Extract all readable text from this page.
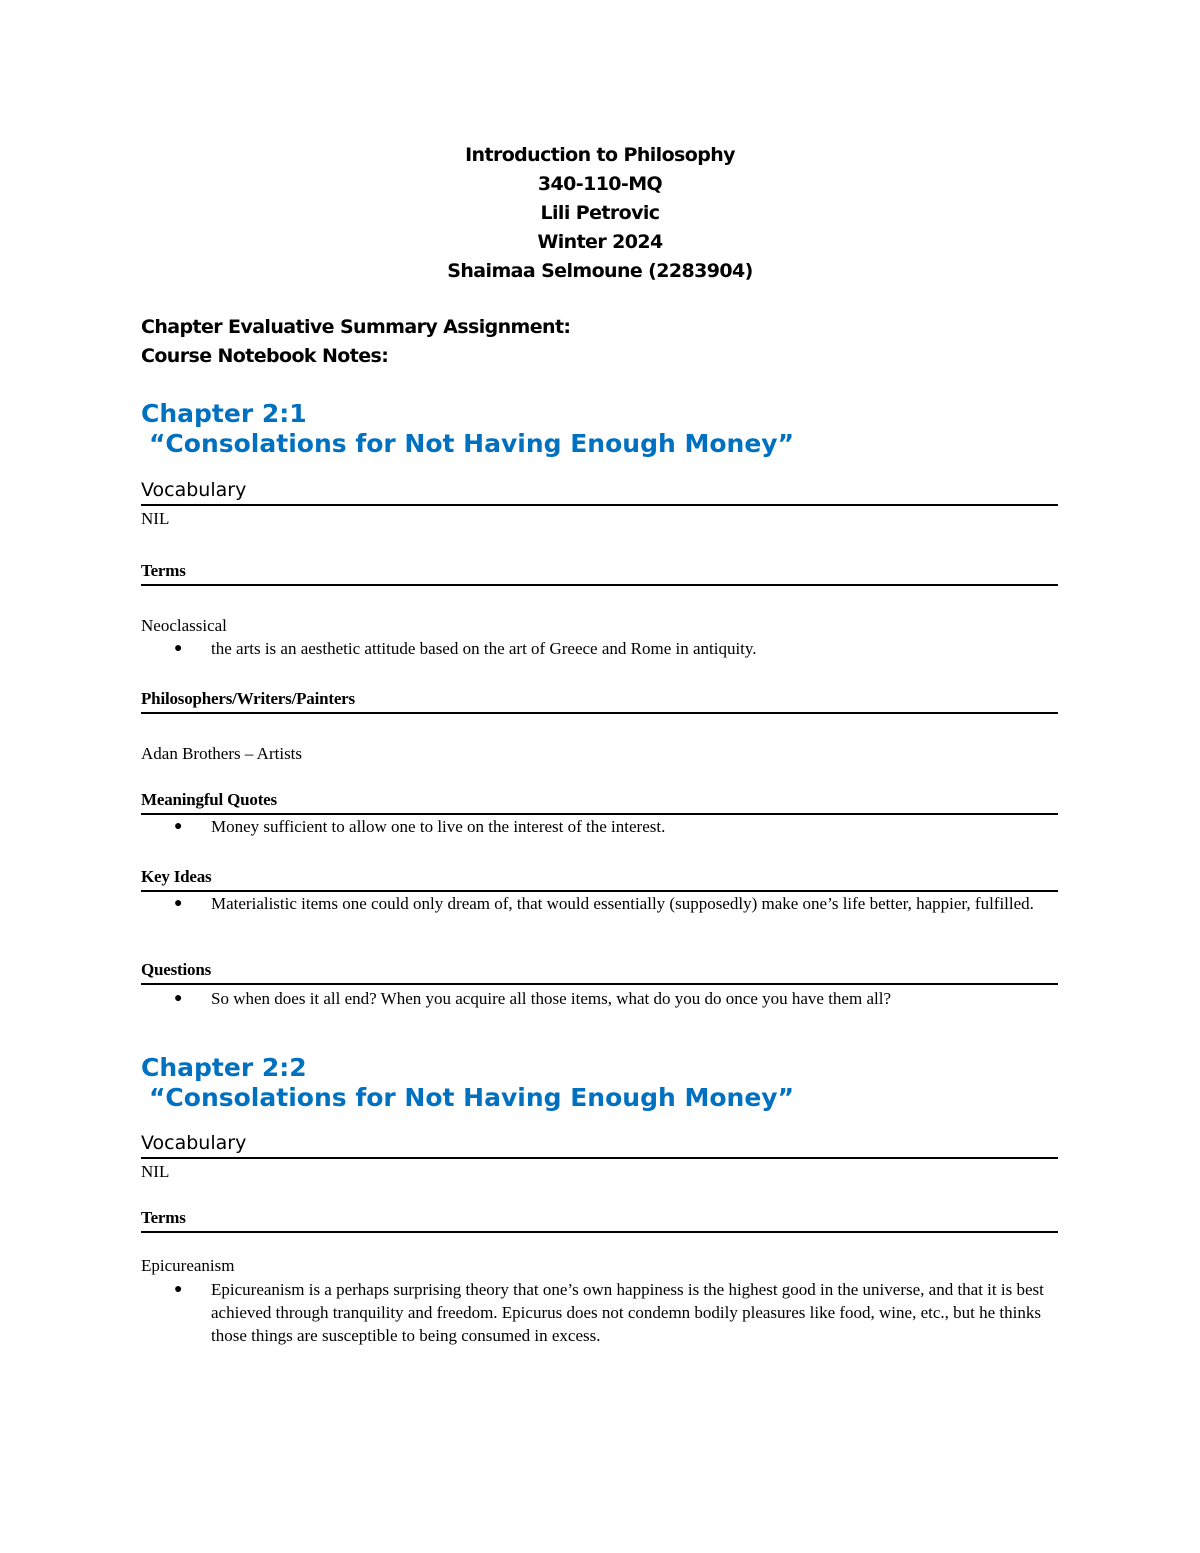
Introduction to Philosophy
340-110-MQ
Lili Petrovic
Winter 2024
Shaimaa Selmoune (2283904)
Chapter Evaluative Summary Assignment:
Course Notebook Notes:
Chapter 2:1
“Consolations for Not Having Enough Money”
Vocabulary
NIL
Terms
Neoclassical
● the arts is an aesthetic attitude based on the art of Greece and Rome in antiquity.
Philosophers/Writers/Painters
Adan Brothers – Artists
Meaningful Quotes
● Money sufficient to allow one to live on the interest of the interest.
Key Ideas
● Materialistic items one could only dream of, that would essentially (supposedly) make one’s life better, happier, fulfilled.
Questions
● So when does it all end? When you acquire all those items, what do you do once you have them all?
Chapter 2:2
“Consolations for Not Having Enough Money”
Vocabulary
NIL
Terms
Epicureanism
● Epicureanism is a perhaps surprising theory that one’s own happiness is the highest good in the universe, and that it is best achieved through tranquility and freedom. Epicurus does not condemn bodily pleasures like food, wine, etc., but he thinks those things are susceptible to being consumed in excess.
